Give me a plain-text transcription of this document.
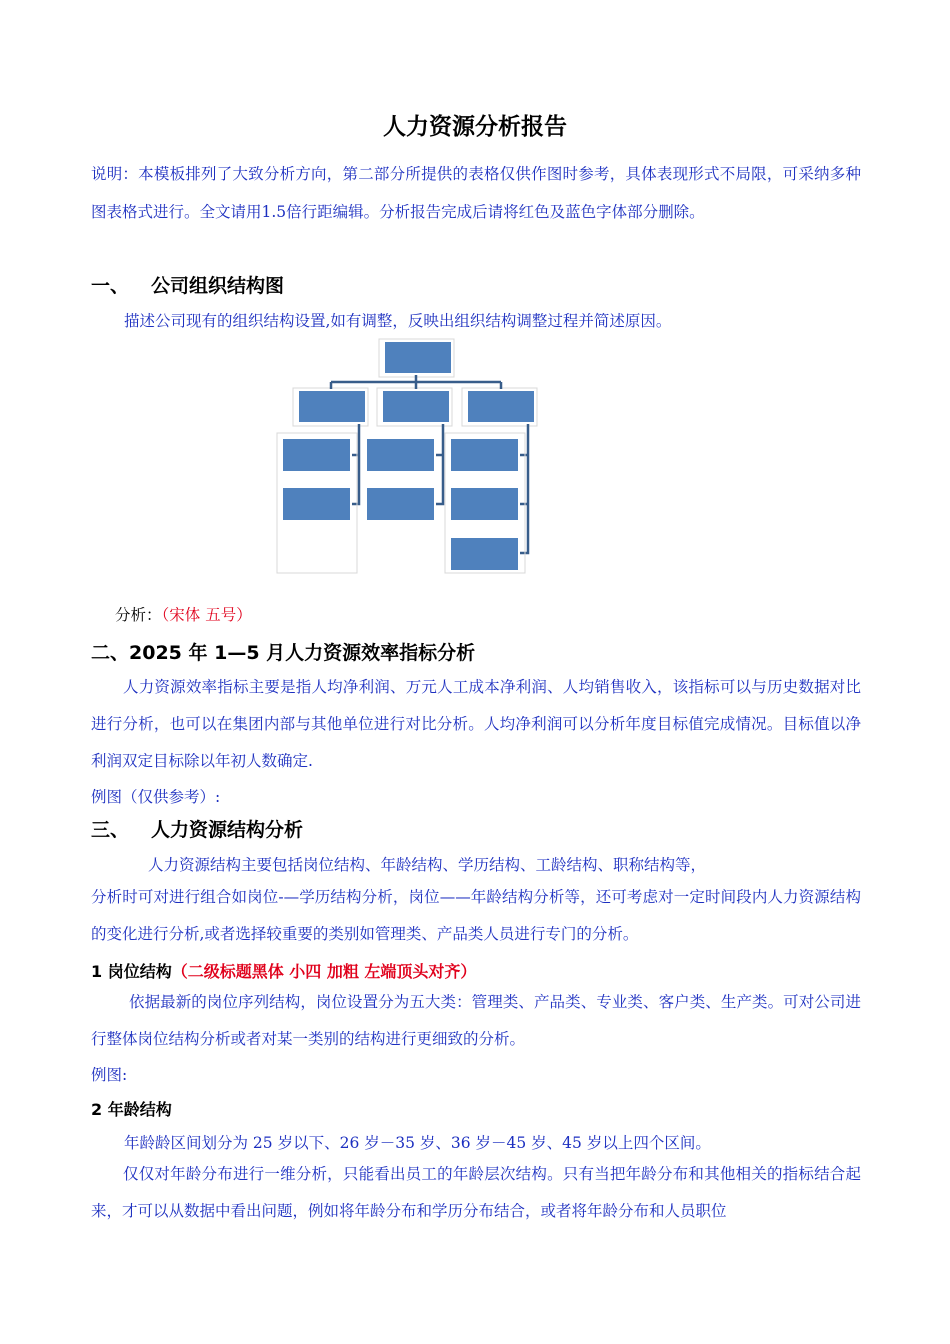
人力资源分析报告
说明：本模板排列了大致分析方向，第二部分所提供的表格仅供作图时参考，具体表现形式不局限，可采纳多种图表格式进行。全文请用1.5倍行距编辑。分析报告完成后请将红色及蓝色字体部分删除。
一、 公司组织结构图
描述公司现有的组织结构设置,如有调整，反映出组织结构调整过程并简述原因。
分析：（宋体 五号）
二、2025 年 1—5 月人力资源效率指标分析
人力资源效率指标主要是指人均净利润、万元人工成本净利润、人均销售收入，该指标可以与历史数据对比进行分析，也可以在集团内部与其他单位进行对比分析。人均净利润可以分析年度目标值完成情况。目标值以净利润双定目标除以年初人数确定.
例图（仅供参考）:
三、 人力资源结构分析
人力资源结构主要包括岗位结构、年龄结构、学历结构、工龄结构、职称结构等，
分析时可对进行组合如岗位-—学历结构分析，岗位——年龄结构分析等，还可考虑对一定时间段内人力资源结构的变化进行分析,或者选择较重要的类别如管理类、产品类人员进行专门的分析。
1 岗位结构（二级标题黑体 小四 加粗 左端顶头对齐）
依据最新的岗位序列结构，岗位设置分为五大类：管理类、产品类、专业类、客户类、生产类。可对公司进行整体岗位结构分析或者对某一类别的结构进行更细致的分析。
例图:
2 年龄结构
年龄龄区间划分为 25 岁以下、26 岁－35 岁、36 岁－45 岁、45 岁以上四个区间。
仅仅对年龄分布进行一维分析，只能看出员工的年龄层次结构。只有当把年龄分布和其他相关的指标结合起来，才可以从数据中看出问题，例如将年龄分布和学历分布结合，或者将年龄分布和人员职位
